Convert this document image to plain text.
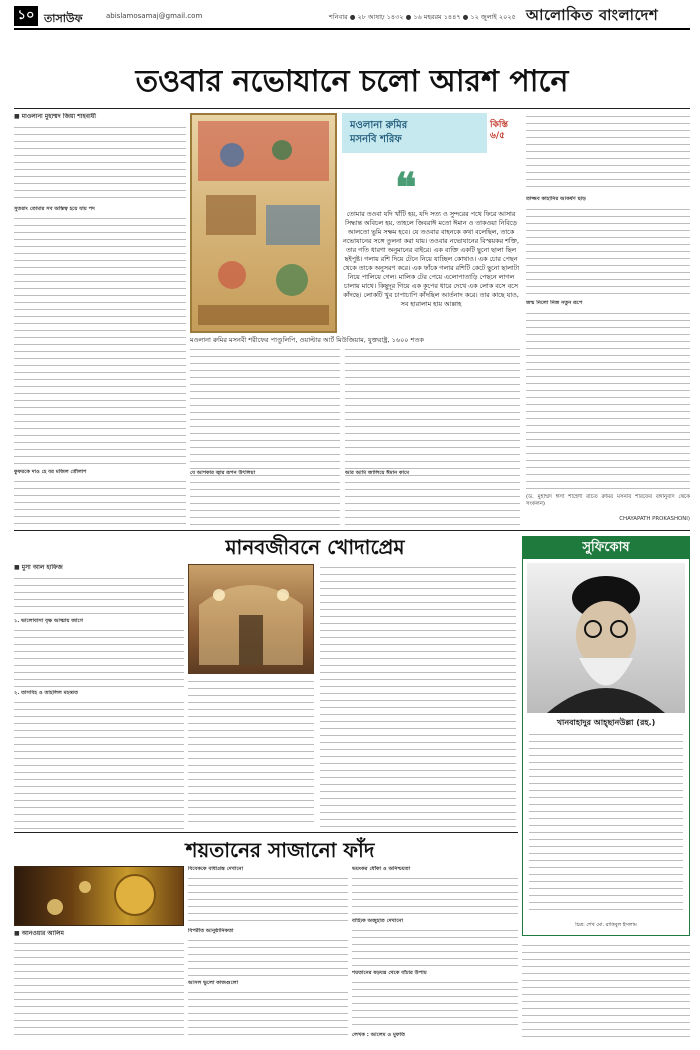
১০ তাসাউফ	abislamosamaj@gmail.com	শনিবার ● ২৮ আষাঢ় ১৪৩২ ● ১৬ মহররম ১৪৪৭ ● ১২ জুলাই ২০২৫ আলোকিত বাংলাদেশ
তওবার নভোযানে চলো আরশ পানে
■ মাওলানা মুহাম্মদ জিয়া শাহবাযী
সুতরাং তোমার সব অস্তিত্ব হয়ে যায় পদ
কুফরকে দাও হে বর মজিল তৌলাশ
মওলানা রুমির মসনবি শরিফ
কিস্তি ৬/৫
❝
তোমার তওবা যদি খাঁটি হয়, যদি সত্য ও সুন্দরের পথে ফিরে আসার সিদ্ধান্ত অবিচল হয়, তাহলে জিবরাঈ মতো ঈমান ও তাকওয়া নিবিড়ে আলতো ভুমি সক্ষম হবে। যে তওবার বাহনকে কথা বলেছিল, তাকে নভোযানের সঙ্গে তুলনা করা যায়। তওবার নভোযানের বিস্ময়কর শক্তি, তার গতি ধারণা অনুমানের বাইরে। এক ব্যক্তি একটি ছুনো ছালা ছিল ছইপুষ্ট। গলায় রশি দিয়ে টেনে নিয়ে যাচ্ছিল কোথাও। এক চোর পেছন থেকে তাকে অনুসরণ করে। এক ফাঁকে গলার রশিটি কেটে ছুনো ছালাটা নিয়ে পালিয়ে গেল। মালিক টের পেয়ে এলোপাতাড়ি পেছনে লাগল চালায় মাথে। কিছুদূর গিয়ে এক কূপের ধারে দেখে এক লোক বসে বসে কাঁদছে। লোকটি খুব চাপাচাপি কাঁদছিল আর্তনাদ করে। তার কাছে যাও, সব হারালাম হায় আল্লাহ
মওলানা রুমির মসনবী শরীফের পাণ্ডুলিপি, ওয়াল্টার আর্ট মিউজিয়াম, যুক্তরাষ্ট্র, ১৬০০ শতক
যে আশকার জ্বার রূপন উৎলিয়া	আর আমি জালিয়ে ঈমান কামে
তাজ্জব কাহানির আকর্ষণ ছাড়
জন্ম নিলো নিজ নতুন রূপে
(ড. মুহাম্মদ ঈসা শাহেদী রচিত রুমির মসনবি শরিফের বঙ্গানুবাদ থেকে সংকলন)
CHAYAPATH PROKASHONI)
মানবজীবনে খোদাপ্রেম
■ মুসা আল হাফিজ
১. ভালোবাসা বৃক্ষ আত্মায় জাগে
২. তাসবিহ ও তাহলিল মহব্বত
সুফিকোষ
খানবাহাদুর আহ্ছানউল্লা (রহ.)
চিত্র: শেখ মো. রাকিবুল ইসলাম
শয়তানের সাজানো ফাঁদ
■ আনওয়ার আলিম
বিবেককে বাধাগ্রস্ত দেখানো
বিপরীত আনুষ্ঠানিকতা
আসল ভুলো কাজগুলো
ভয়ংকর ধোঁকা ও অনিশ্চয়তা
বাহ্যিক অজুহাত দেখানো
শয়তানের ষড়যন্ত্র থেকে বাঁচার উপায়
লেখক : আলেম ও মুফতি
